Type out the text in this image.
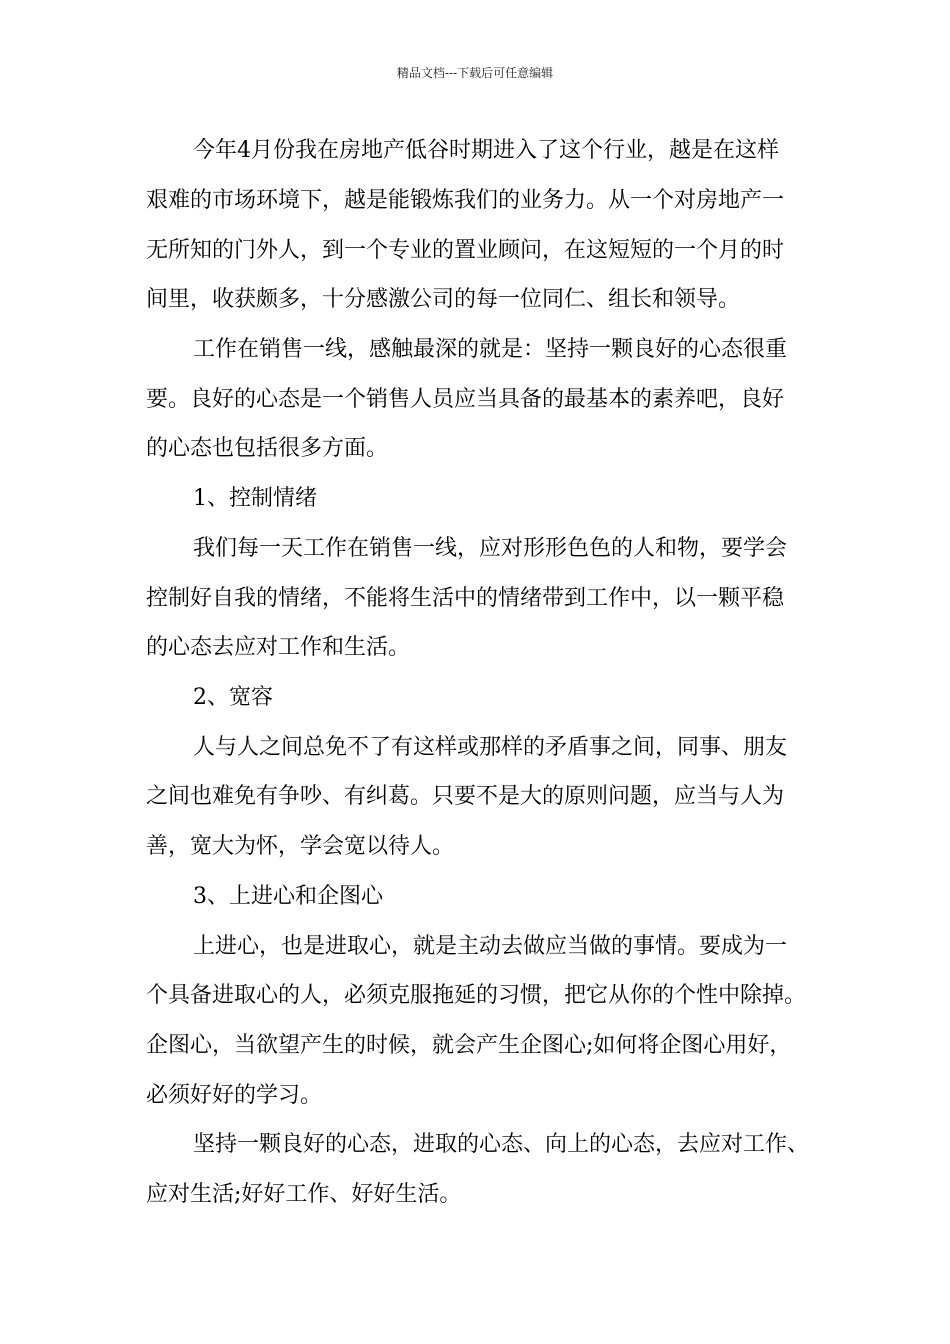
精品文档---下载后可任意编辑
今年4月份我在房地产低谷时期进入了这个行业，越是在这样
艰难的市场环境下，越是能锻炼我们的业务力。从一个对房地产一
无所知的门外人，到一个专业的置业顾问，在这短短的一个月的时
间里，收获颇多，十分感激公司的每一位同仁、组长和领导。
工作在销售一线，感触最深的就是：坚持一颗良好的心态很重
要。良好的心态是一个销售人员应当具备的最基本的素养吧，良好
的心态也包括很多方面。
1、控制情绪
我们每一天工作在销售一线，应对形形色色的人和物，要学会
控制好自我的情绪，不能将生活中的情绪带到工作中，以一颗平稳
的心态去应对工作和生活。
2、宽容
人与人之间总免不了有这样或那样的矛盾事之间，同事、朋友
之间也难免有争吵、有纠葛。只要不是大的原则问题，应当与人为
善，宽大为怀，学会宽以待人。
3、上进心和企图心
上进心，也是进取心，就是主动去做应当做的事情。要成为一
个具备进取心的人，必须克服拖延的习惯，把它从你的个性中除掉。
企图心，当欲望产生的时候，就会产生企图心;如何将企图心用好，
必须好好的学习。
坚持一颗良好的心态，进取的心态、向上的心态，去应对工作、
应对生活;好好工作、好好生活。
